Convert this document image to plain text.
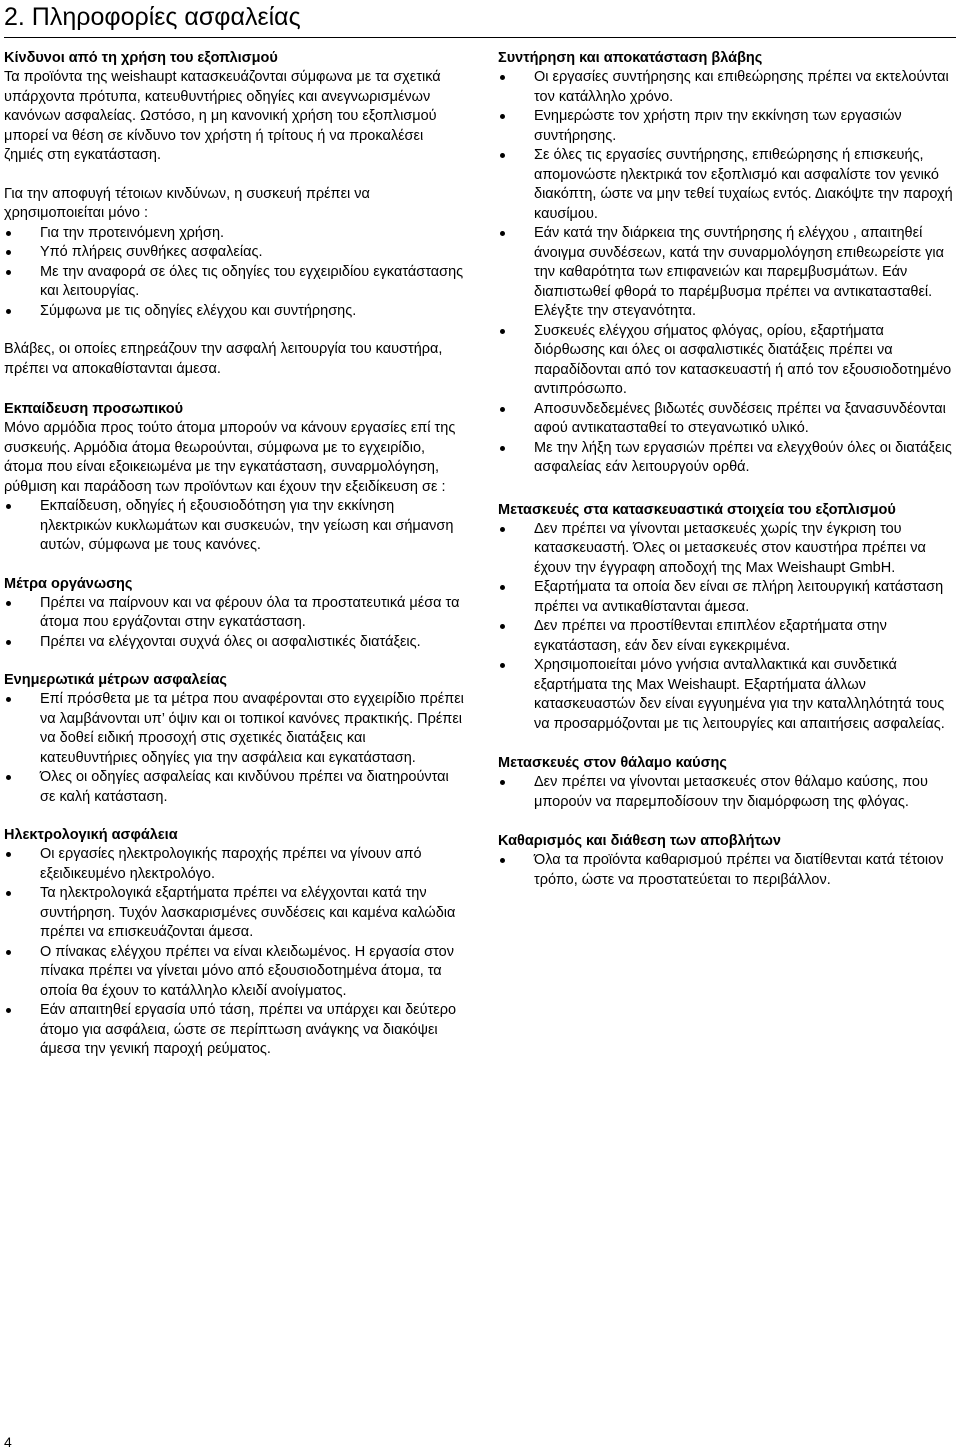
2. Πληροφορίες ασφαλείας
Κίνδυνοι από τη χρήση του εξοπλισμού
Τα προϊόντα της weishaupt κατασκευάζονται σύμφωνα με τα σχετικά υπάρχοντα πρότυπα, κατευθυντήριες οδηγίες και ανεγνωρισμένων κανόνων ασφαλείας. Ωστόσο, η μη κανονική χρήση του εξοπλισμού μπορεί να θέση σε κίνδυνο τον χρήστη ή τρίτους ή να προκαλέσει ζημιές στη εγκατάσταση.
Για την αποφυγή τέτοιων κινδύνων, η συσκευή πρέπει να χρησιμοποιείται μόνο :
Για την προτεινόμενη χρήση.
Υπό πλήρεις συνθήκες ασφαλείας.
Με την αναφορά σε όλες τις οδηγίες του εγχειριδίου εγκατάστασης και λειτουργίας.
Σύμφωνα με τις οδηγίες ελέγχου και συντήρησης.
Βλάβες, οι οποίες επηρεάζουν την ασφαλή λειτουργία του καυστήρα, πρέπει να αποκαθίστανται άμεσα.
Εκπαίδευση προσωπικού
Μόνο αρμόδια προς τούτο άτομα μπορούν να κάνουν εργασίες επί της συσκευής. Αρμόδια άτομα θεωρούνται, σύμφωνα με το εγχειρίδιο, άτομα που είναι εξοικειωμένα με την εγκατάσταση, συναρμολόγηση, ρύθμιση και παράδοση των προϊόντων και έχουν την εξειδίκευση σε :
Εκπαίδευση, οδηγίες ή εξουσιοδότηση για την εκκίνηση ηλεκτρικών κυκλωμάτων και συσκευών, την γείωση και σήμανση αυτών, σύμφωνα με τους κανόνες.
Μέτρα οργάνωσης
Πρέπει να παίρνουν και να φέρουν όλα τα προστατευτικά μέσα τα άτομα που εργάζονται στην εγκατάσταση.
Πρέπει να ελέγχονται συχνά όλες οι ασφαλιστικές διατάξεις.
Ενημερωτικά μέτρων ασφαλείας
Επί πρόσθετα με τα μέτρα που αναφέρονται στο εγχειρίδιο πρέπει να λαμβάνονται υπ’ όψιν και οι τοπικοί κανόνες πρακτικής. Πρέπει να δοθεί ειδική προσοχή στις σχετικές διατάξεις και κατευθυντήριες οδηγίες για την ασφάλεια και εγκατάσταση.
Όλες οι οδηγίες ασφαλείας και κινδύνου πρέπει να διατηρούνται σε καλή κατάσταση.
Ηλεκτρολογική ασφάλεια
Οι εργασίες ηλεκτρολογικής παροχής πρέπει να γίνουν από εξειδικευμένο ηλεκτρολόγο.
Τα ηλεκτρολογικά εξαρτήματα πρέπει να ελέγχονται κατά την συντήρηση. Τυχόν λασκαρισμένες συνδέσεις και καμένα καλώδια πρέπει να επισκευάζονται άμεσα.
Ο πίνακας ελέγχου πρέπει να είναι κλειδωμένος. Η εργασία στον πίνακα πρέπει να γίνεται μόνο από εξουσιοδοτημένα άτομα, τα οποία θα έχουν το κατάλληλο κλειδί ανοίγματος.
Εάν απαιτηθεί εργασία υπό τάση, πρέπει να υπάρχει και δεύτερο άτομο για ασφάλεια, ώστε σε περίπτωση ανάγκης να διακόψει άμεσα την γενική παροχή ρεύματος.
Συντήρηση και αποκατάσταση βλάβης
Οι εργασίες συντήρησης και επιθεώρησης πρέπει να εκτελούνται τον κατάλληλο χρόνο.
Ενημερώστε τον χρήστη πριν την εκκίνηση των εργασιών συντήρησης.
Σε όλες τις εργασίες συντήρησης, επιθεώρησης ή επισκευής, απομονώστε ηλεκτρικά τον εξοπλισμό και ασφαλίστε τον γενικό διακόπτη, ώστε να μην τεθεί τυχαίως εντός. Διακόψτε την παροχή καυσίμου.
Εάν κατά την διάρκεια της συντήρησης ή ελέγχου , απαιτηθεί άνοιγμα συνδέσεων, κατά την συναρμολόγηση επιθεωρείστε για την καθαρότητα των επιφανειών και παρεμβυσμάτων. Εάν διαπιστωθεί φθορά το παρέμβυσμα πρέπει να αντικατασταθεί. Ελέγξτε την στεγανότητα.
Συσκευές ελέγχου σήματος φλόγας, ορίου, εξαρτήματα διόρθωσης και όλες οι ασφαλιστικές διατάξεις πρέπει να παραδίδονται από τον κατασκευαστή ή από τον εξουσιοδοτημένο αντιπρόσωπο.
Αποσυνδεδεμένες βιδωτές συνδέσεις πρέπει να ξανασυνδέονται αφού αντικατασταθεί το στεγανωτικό υλικό.
Με την λήξη των εργασιών πρέπει να ελεγχθούν όλες οι διατάξεις ασφαλείας εάν λειτουργούν ορθά.
Μετασκευές στα κατασκευαστικά στοιχεία του εξοπλισμού
Δεν πρέπει να γίνονται μετασκευές χωρίς την έγκριση του κατασκευαστή. Όλες οι μετασκευές στον καυστήρα πρέπει να έχουν την έγγραφη αποδοχή της Max Weishaupt GmbH.
Εξαρτήματα τα οποία δεν είναι σε πλήρη λειτουργική κατάσταση πρέπει να αντικαθίστανται άμεσα.
Δεν πρέπει να προστίθενται επιπλέον εξαρτήματα στην εγκατάσταση, εάν δεν είναι εγκεκριμένα.
Χρησιμοποιείται μόνο γνήσια ανταλλακτικά και συνδετικά εξαρτήματα της Max Weishaupt. Εξαρτήματα άλλων κατασκευαστών δεν είναι εγγυημένα για την καταλληλότητά τους να προσαρμόζονται με τις λειτουργίες και απαιτήσεις ασφαλείας.
Μετασκευές στον θάλαμο καύσης
Δεν πρέπει να γίνονται μετασκευές στον θάλαμο καύσης, που μπορούν να παρεμποδίσουν την διαμόρφωση της φλόγας.
Καθαρισμός και διάθεση των αποβλήτων
Όλα τα προϊόντα καθαρισμού πρέπει να διατίθενται κατά τέτοιον τρόπο, ώστε να προστατεύεται το περιβάλλον.
4
